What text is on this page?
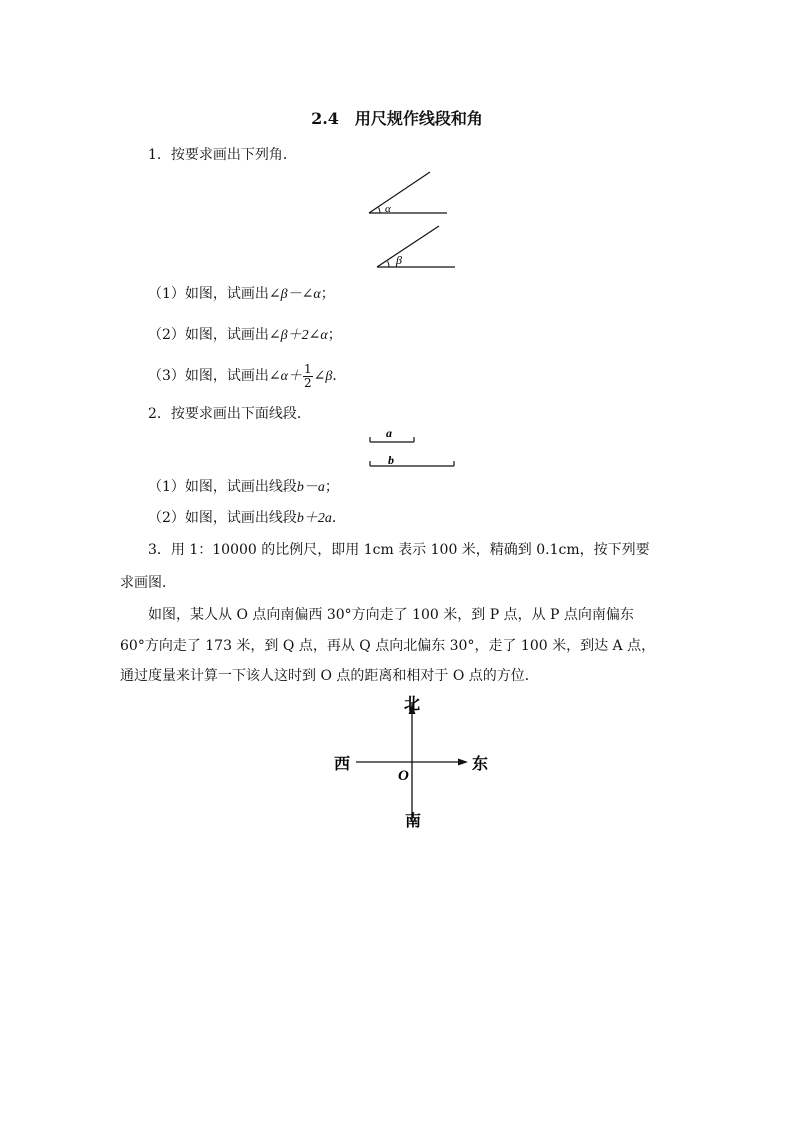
2.4　用尺规作线段和角
1．按要求画出下列角．
α
β
（1）如图，试画出∠β－∠α；
（2）如图，试画出∠β＋2∠α；
（3）如图，试画出∠α＋ $\frac{1}{2}$ ∠β．
2．按要求画出下面线段．
a
b
（1）如图，试画出线段b－a；
（2）如图，试画出线段b＋2a．
3．用 1：10000 的比例尺，即用 1cm 表示 100 米，精确到 0.1cm，按下列要
求画图．
如图，某人从 O 点向南偏西 30°方向走了 100 米，到 P 点，从 P 点向南偏东
60°方向走了 173 米，到 Q 点，再从 Q 点向北偏东 30°，走了 100 米，到达 A 点，
通过度量来计算一下该人这时到 O 点的距离和相对于 O 点的方位．
北
南
西	东
O
